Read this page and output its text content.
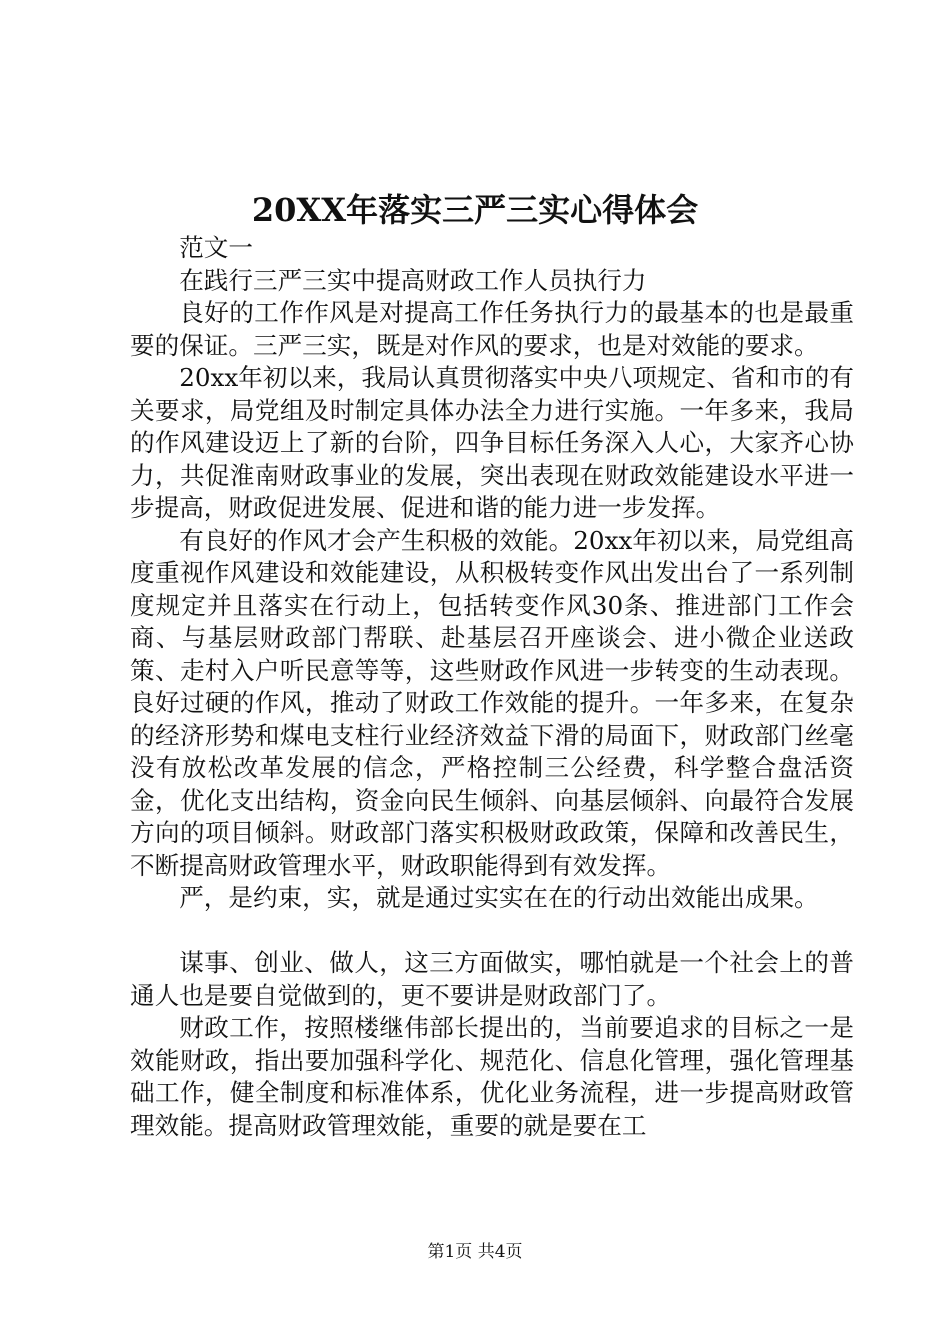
20XX年落实三严三实心得体会

范文一

在践行三严三实中提高财政工作人员执行力

良好的工作作风是对提高工作任务执行力的最基本的也是最重要的保证。三严三实，既是对作风的要求，也是对效能的要求。

20xx年初以来，我局认真贯彻落实中央八项规定、省和市的有关要求，局党组及时制定具体办法全力进行实施。一年多来，我局的作风建设迈上了新的台阶，四争目标任务深入人心，大家齐心协力，共促淮南财政事业的发展，突出表现在财政效能建设水平进一步提高，财政促进发展、促进和谐的能力进一步发挥。

有良好的作风才会产生积极的效能。20xx年初以来，局党组高度重视作风建设和效能建设，从积极转变作风出发出台了一系列制度规定并且落实在行动上，包括转变作风30条、推进部门工作会商、与基层财政部门帮联、赴基层召开座谈会、进小微企业送政策、走村入户听民意等等，这些财政作风进一步转变的生动表现。良好过硬的作风，推动了财政工作效能的提升。一年多来，在复杂的经济形势和煤电支柱行业经济效益下滑的局面下，财政部门丝毫没有放松改革发展的信念，严格控制三公经费，科学整合盘活资金，优化支出结构，资金向民生倾斜、向基层倾斜、向最符合发展方向的项目倾斜。财政部门落实积极财政政策，保障和改善民生，不断提高财政管理水平，财政职能得到有效发挥。

严，是约束，实，就是通过实实在在的行动出效能出成果。

谋事、创业、做人，这三方面做实，哪怕就是一个社会上的普通人也是要自觉做到的，更不要讲是财政部门了。

财政工作，按照楼继伟部长提出的，当前要追求的目标之一是效能财政，指出要加强科学化、规范化、信息化管理，强化管理基础工作，健全制度和标准体系，优化业务流程，进一步提高财政管理效能。提高财政管理效能，重要的就是要在工

第1页 共4页
